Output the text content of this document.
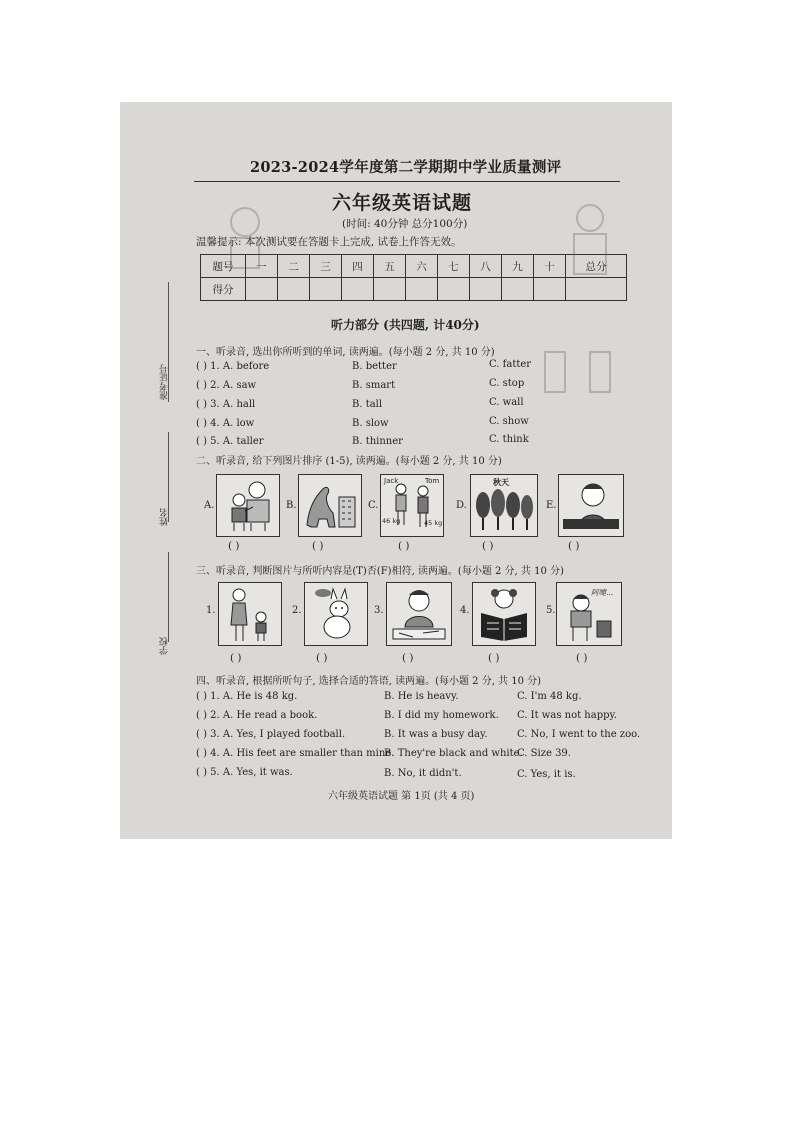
准考证号
姓名
学校
2023-2024学年度第二学期期中学业质量测评
六年级英语试题
(时间: 40分钟 总分100分)
温馨提示: 本次测试要在答题卡上完成, 试卷上作答无效。
题号	一	二	三	四	五	六	七	八	九	十	总分
得分											
听力部分 (共四题, 计40分)
一、听录音, 选出你所听到的单词, 读两遍。(每小题 2 分, 共 10 分)
( ) 1. A. before	B. better	C. fatter
( ) 2. A. saw	B. smart	C. stop
( ) 3. A. hall	B. tall	C. wall
( ) 4. A. low	B. slow	C. show
( ) 5. A. taller	B. thinner	C. think
二、听录音, 给下列图片排序 (1-5), 读两遍。(每小题 2 分, 共 10 分)
A.	B.	C.
Jack	Tom
46 kg	45 kg
D.
秋天
E.
( )	( )	( )	( )	( )
三、听录音, 判断图片与所听内容是(T)否(F)相符, 读两遍。(每小题 2 分, 共 10 分)
1.	2.	3.	4.	5.
阿嚏...
( )	( )	( )	( )	( )
四、听录音, 根据所听句子, 选择合适的答语, 读两遍。(每小题 2 分, 共 10 分)
( ) 1. A. He is 48 kg.	B. He is heavy.	C. I'm 48 kg.
( ) 2. A. He read a book.	B. I did my homework. C. It was not happy.
( ) 3. A. Yes, I played football.	B. It was a busy day.	C. No, I went to the zoo.
( ) 4. A. His feet are smaller than mine.
B. They're black and white.
C. Size 39.
( ) 5. A. Yes, it was.	B. No, it didn't.	C. Yes, it is.
六年级英语试题 第 1页 (共 4 页)
